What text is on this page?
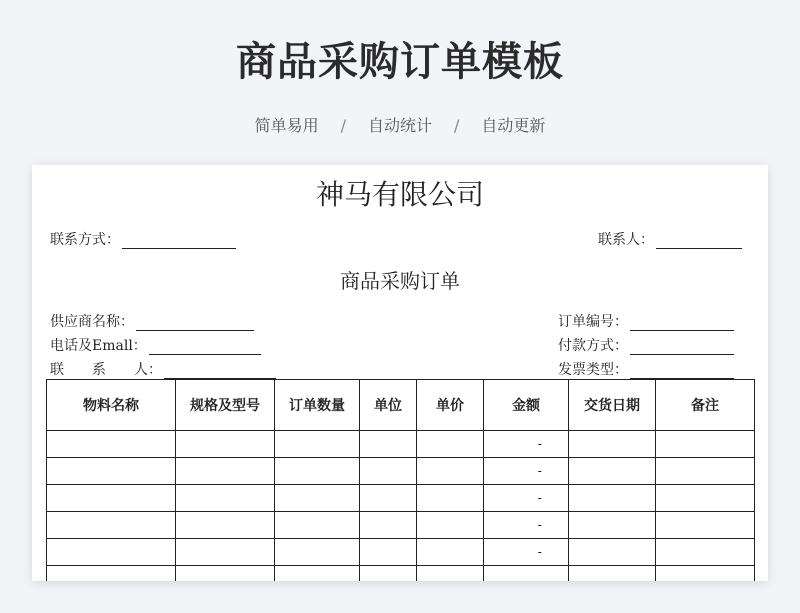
商品采购订单模板
简单易用 / 自动统计 / 自动更新
神马有限公司
联系方式：	联系人：
商品采购订单
供应商名称：
电话及Emall：
联　　系　　人：
订单编号：
付款方式：
发票类型：
物料名称	规格及型号	订单数量	单位	单价	金额	交货日期	备注
					-		
					-		
					-		
					-		
					-		
